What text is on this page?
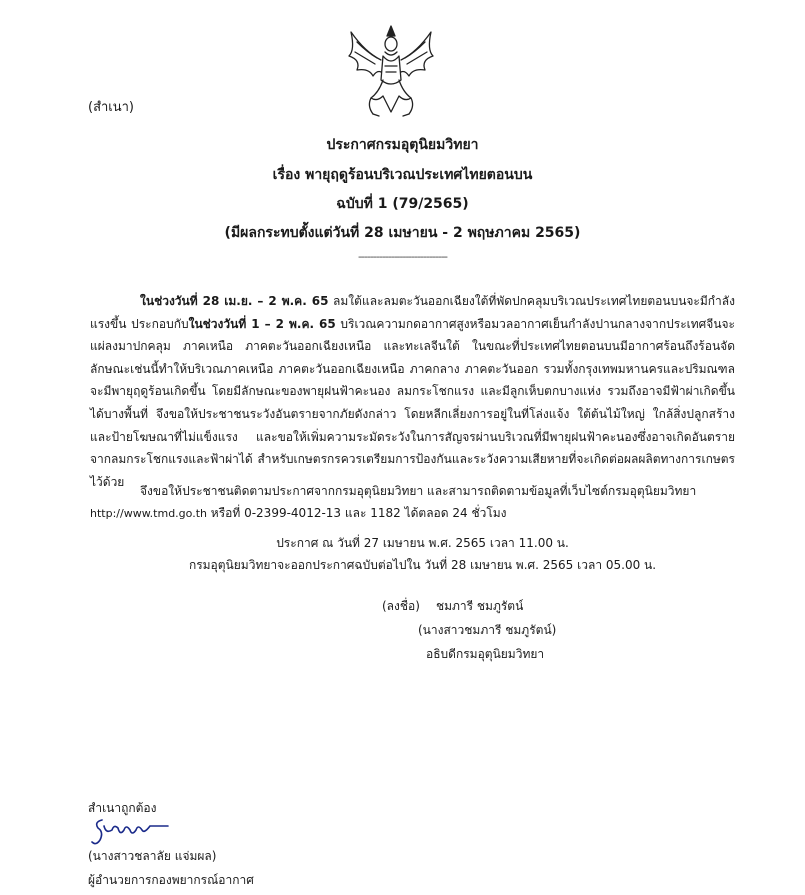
(สำเนา)
ประกาศกรมอุตุนิยมวิทยา
เรื่อง พายุฤดูร้อนบริเวณประเทศไทยตอนบน
ฉบับที่ 1 (79/2565)
(มีผลกระทบตั้งแต่วันที่ 28 เมษายน - 2 พฤษภาคม 2565)
------------------------------
ในช่วงวันที่ 28 เม.ย. – 2 พ.ค. 65 ลมใต้และลมตะวันออกเฉียงใต้ที่พัดปกคลุมบริเวณประเทศไทยตอนบนจะมีกำลังแรงขึ้น ประกอบกับในช่วงวันที่ 1 – 2 พ.ค. 65 บริเวณความกดอากาศสูงหรือมวลอากาศเย็นกำลังปานกลางจากประเทศจีนจะแผ่ลงมาปกคลุม ภาคเหนือ ภาคตะวันออกเฉียงเหนือ และทะเลจีนใต้ ในขณะที่ประเทศไทยตอนบนมีอากาศร้อนถึงร้อนจัด ลักษณะเช่นนี้ทำให้บริเวณภาคเหนือ ภาคตะวันออกเฉียงเหนือ ภาคกลาง ภาคตะวันออก รวมทั้งกรุงเทพมหานครและปริมณฑล จะมีพายุฤดูร้อนเกิดขึ้น โดยมีลักษณะของพายุฝนฟ้าคะนอง ลมกระโชกแรง และมีลูกเห็บตกบางแห่ง รวมถึงอาจมีฟ้าผ่าเกิดขึ้นได้บางพื้นที่ จึงขอให้ประชาชนระวังอันตรายจากภัยดังกล่าว โดยหลีกเลี่ยงการอยู่ในที่โล่งแจ้ง ใต้ต้นไม้ใหญ่ ใกล้สิ่งปลูกสร้างและป้ายโฆษณาที่ไม่แข็งแรง และขอให้เพิ่มความระมัดระวังในการสัญจรผ่านบริเวณที่มีพายุฝนฟ้าคะนองซึ่งอาจเกิดอันตรายจากลมกระโชกแรงและฟ้าผ่าได้ สำหรับเกษตรกรควรเตรียมการป้องกันและระวังความเสียหายที่จะเกิดต่อผลผลิตทางการเกษตรไว้ด้วย
จึงขอให้ประชาชนติดตามประกาศจากกรมอุตุนิยมวิทยา และสามารถติดตามข้อมูลที่เว็บไซต์กรมอุตุนิยมวิทยา
http://www.tmd.go.th หรือที่ 0-2399-4012-13 และ 1182 ได้ตลอด 24 ชั่วโมง
ประกาศ ณ วันที่ 27 เมษายน พ.ศ. 2565 เวลา 11.00 น.
กรมอุตุนิยมวิทยาจะออกประกาศฉบับต่อไปใน วันที่ 28 เมษายน พ.ศ. 2565 เวลา 05.00 น.
(ลงชื่อ) ชมภารี ชมภูรัตน์
(นางสาวชมภารี ชมภูรัตน์)
อธิบดีกรมอุตุนิยมวิทยา
สำเนาถูกต้อง
(นางสาวชลาลัย แจ่มผล)
ผู้อำนวยการกองพยากรณ์อากาศ
